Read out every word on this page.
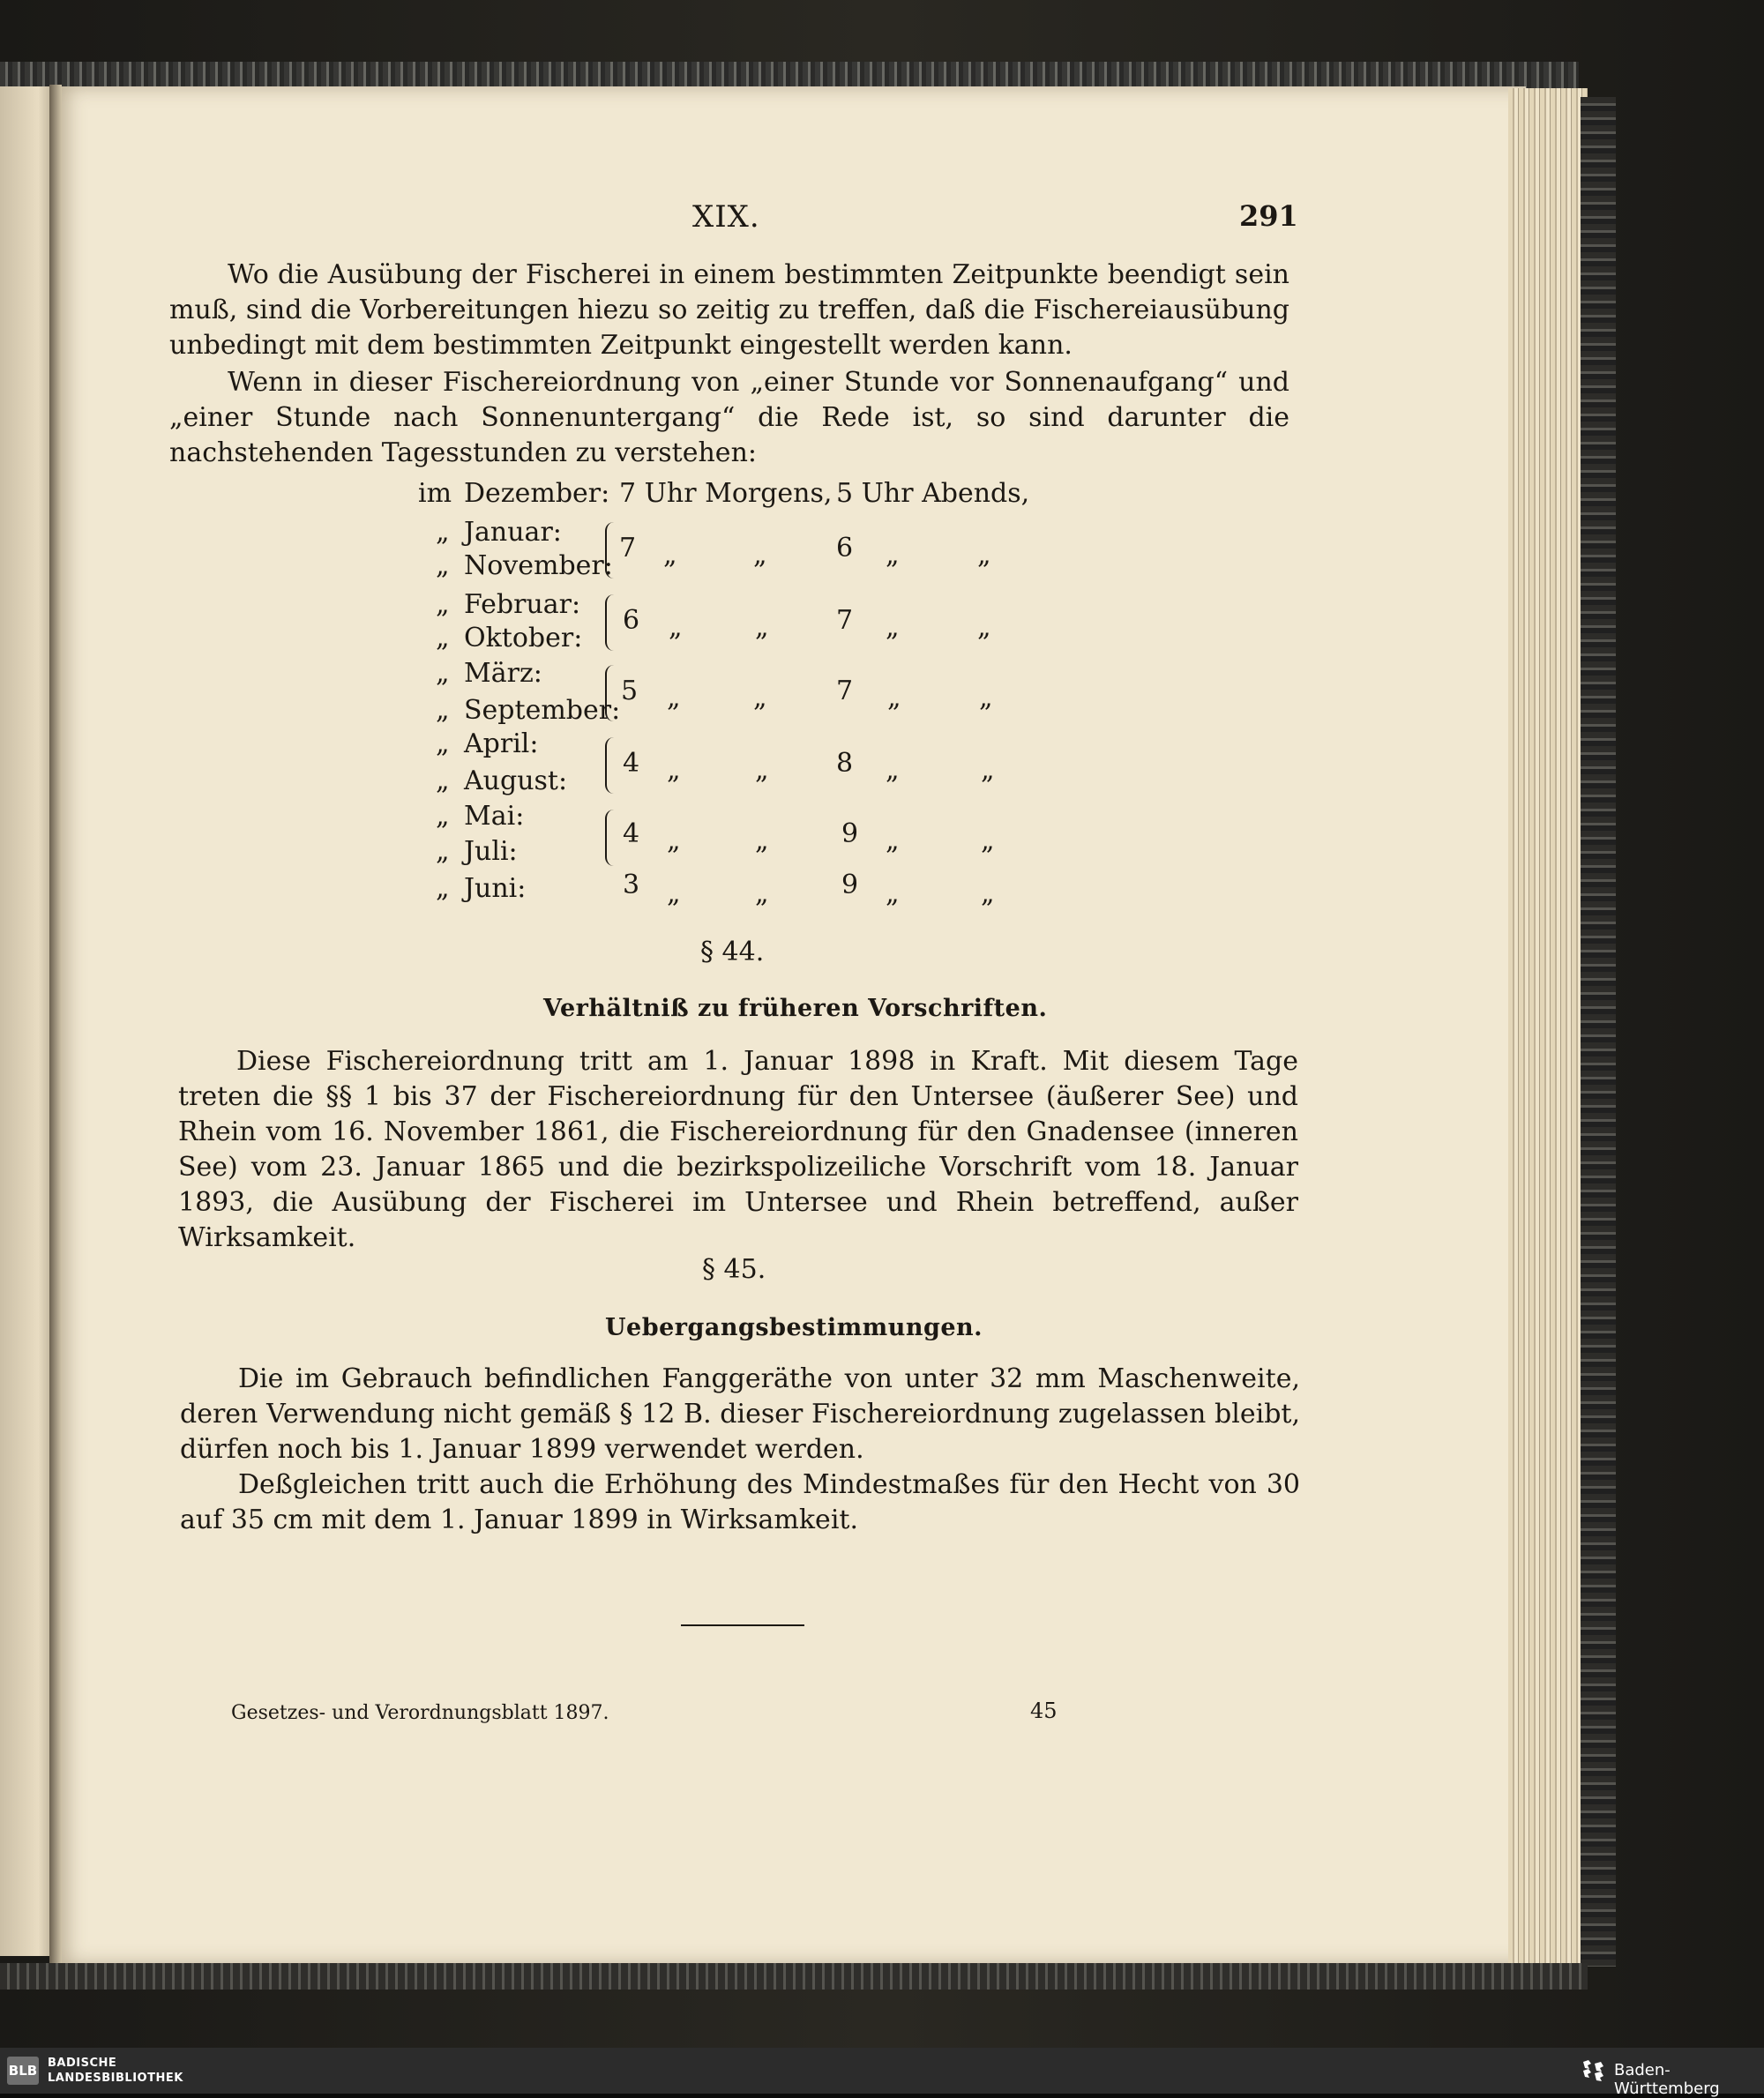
XIX.	291
Wo die Ausübung der Fischerei in einem bestimmten Zeitpunkte beendigt sein muß, sind die Vorbereitungen hiezu so zeitig zu treffen, daß die Fischereiausübung unbedingt mit dem bestimmten Zeitpunkt eingestellt werden kann.
Wenn in dieser Fischereiordnung von „einer Stunde vor Sonnenaufgang“ und „einer Stunde nach Sonnenuntergang“ die Rede ist, so sind darunter die nachstehenden Tagesstunden zu verstehen:
im Dezember: 7 Uhr Morgens, 5 Uhr Abends,
„ Januar:
„ November:
7 „	„	6 „	„
„ Februar:
„ Oktober:
6 „	„	7 „	„
„ März:
„ September:
5 „	„	7 „	„
„ April:
„ August:
4 „	„	8 „	„
„ Mai:
„ Juli:
4 „	„	9 „	„
„ Juni:	3 „	„	9 „	„
§ 44.
Verhältniß zu früheren Vorschriften.
Diese Fischereiordnung tritt am 1. Januar 1898 in Kraft. Mit diesem Tage treten die §§ 1 bis 37 der Fischereiordnung für den Untersee (äußerer See) und Rhein vom 16. November 1861, die Fischereiordnung für den Gnadensee (inneren See) vom 23. Januar 1865 und die bezirkspolizeiliche Vorschrift vom 18. Januar 1893, die Ausübung der Fischerei im Untersee und Rhein betreffend, außer Wirksamkeit.
§ 45.
Uebergangsbestimmungen.
Die im Gebrauch befindlichen Fanggeräthe von unter 32 mm Maschenweite, deren Verwendung nicht gemäß § 12 B. dieser Fischereiordnung zugelassen bleibt, dürfen noch bis 1. Januar 1899 verwendet werden.
Deßgleichen tritt auch die Erhöhung des Mindestmaßes für den Hecht von 30 auf 35 cm mit dem 1. Januar 1899 in Wirksamkeit.
Gesetzes- und Verordnungsblatt 1897.	45
BLB BADISCHE
LANDESBIBLIOTHEK	Baden-Württemberg
